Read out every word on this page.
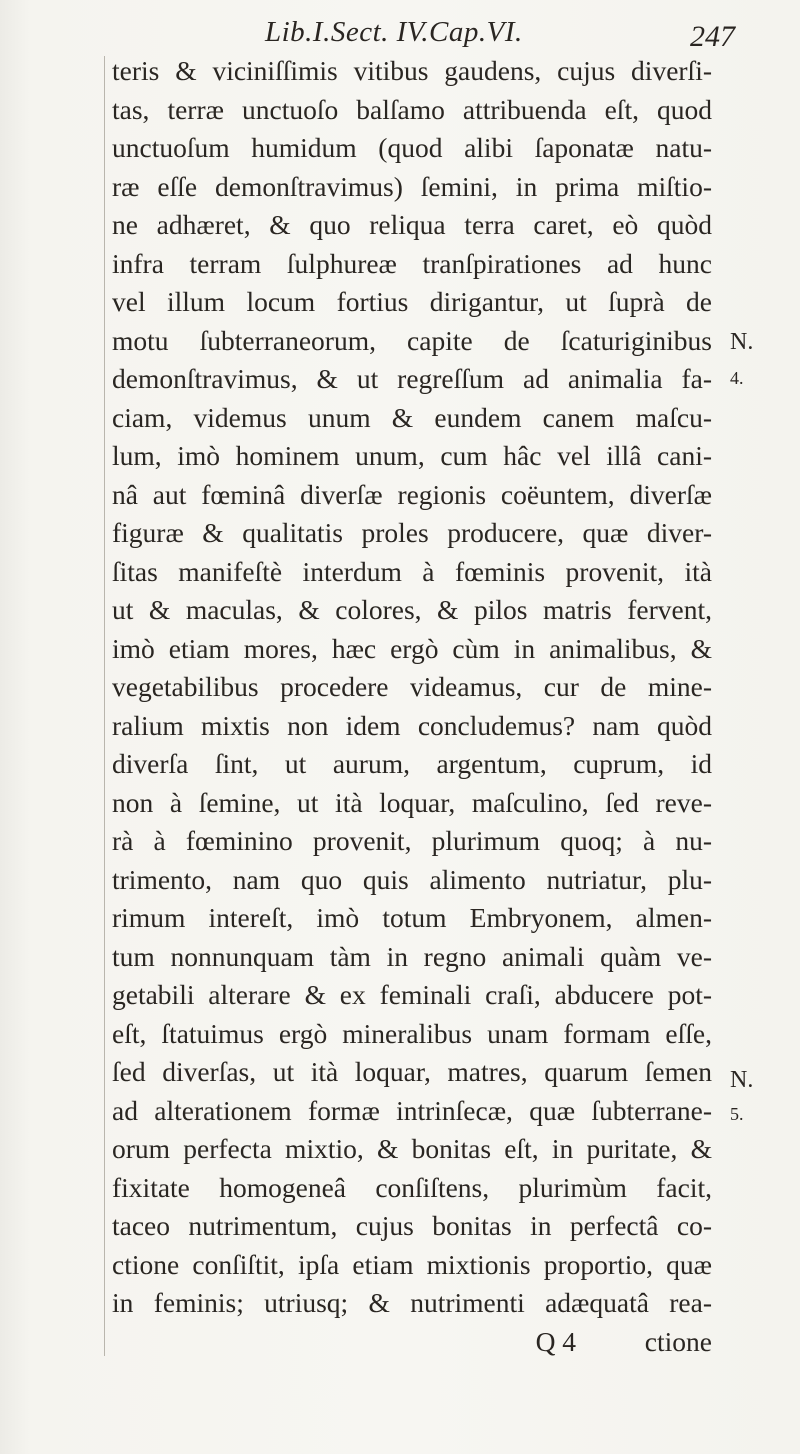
Lib.I.Sect. IV.Cap.VI.	247
teris & viciniſſimis vitibus gaudens, cujus diverſi-
tas, terræ unctuoſo balſamo attribuenda eſt, quod
unctuoſum humidum (quod alibi ſaponatæ natu-
ræ eſſe demonſtravimus) ſemini, in prima miſtio-
ne adhæret, & quo reliqua terra caret, eò quòd
infra terram ſulphureæ tranſpirationes ad hunc
vel illum locum fortius dirigantur, ut ſuprà de
motu ſubterraneorum, capite de ſcaturiginibus
demonſtravimus, & ut regreſſum ad animalia fa-
ciam, videmus unum & eundem canem maſcu-
lum, imò hominem unum, cum hâc vel illâ cani-
nâ aut fœminâ diverſæ regionis coëuntem, diverſæ
figuræ & qualitatis proles producere, quæ diver-
ſitas manifeſtè interdum à fœminis provenit, ità
ut & maculas, & colores, & pilos matris fervent,
imò etiam mores, hæc ergò cùm in animalibus, &
vegetabilibus procedere videamus, cur de mine-
ralium mixtis non idem concludemus? nam quòd
diverſa ſint, ut aurum, argentum, cuprum, id
non à ſemine, ut ità loquar, maſculino, ſed reve-
rà à fœminino provenit, plurimum quoq; à nu-
trimento, nam quo quis alimento nutriatur, plu-
rimum intereſt, imò totum Embryonem, almen-
tum nonnunquam tàm in regno animali quàm ve-
getabili alterare & ex feminali craſi, abducere pot-
eſt, ſtatuimus ergò mineralibus unam formam eſſe,
ſed diverſas, ut ità loquar, matres, quarum ſemen
ad alterationem formæ intrinſecæ, quæ ſubterrane-
orum perfecta mixtio, & bonitas eſt, in puritate, &
fixitate homogeneâ conſiſtens, plurimùm facit,
taceo nutrimentum, cujus bonitas in perfectâ co-
ctione conſiſtit, ipſa etiam mixtionis proportio, quæ
in feminis; utriusq; & nutrimenti adæquatâ rea-
Q 4          ctione
N.
4.
N.
5.
